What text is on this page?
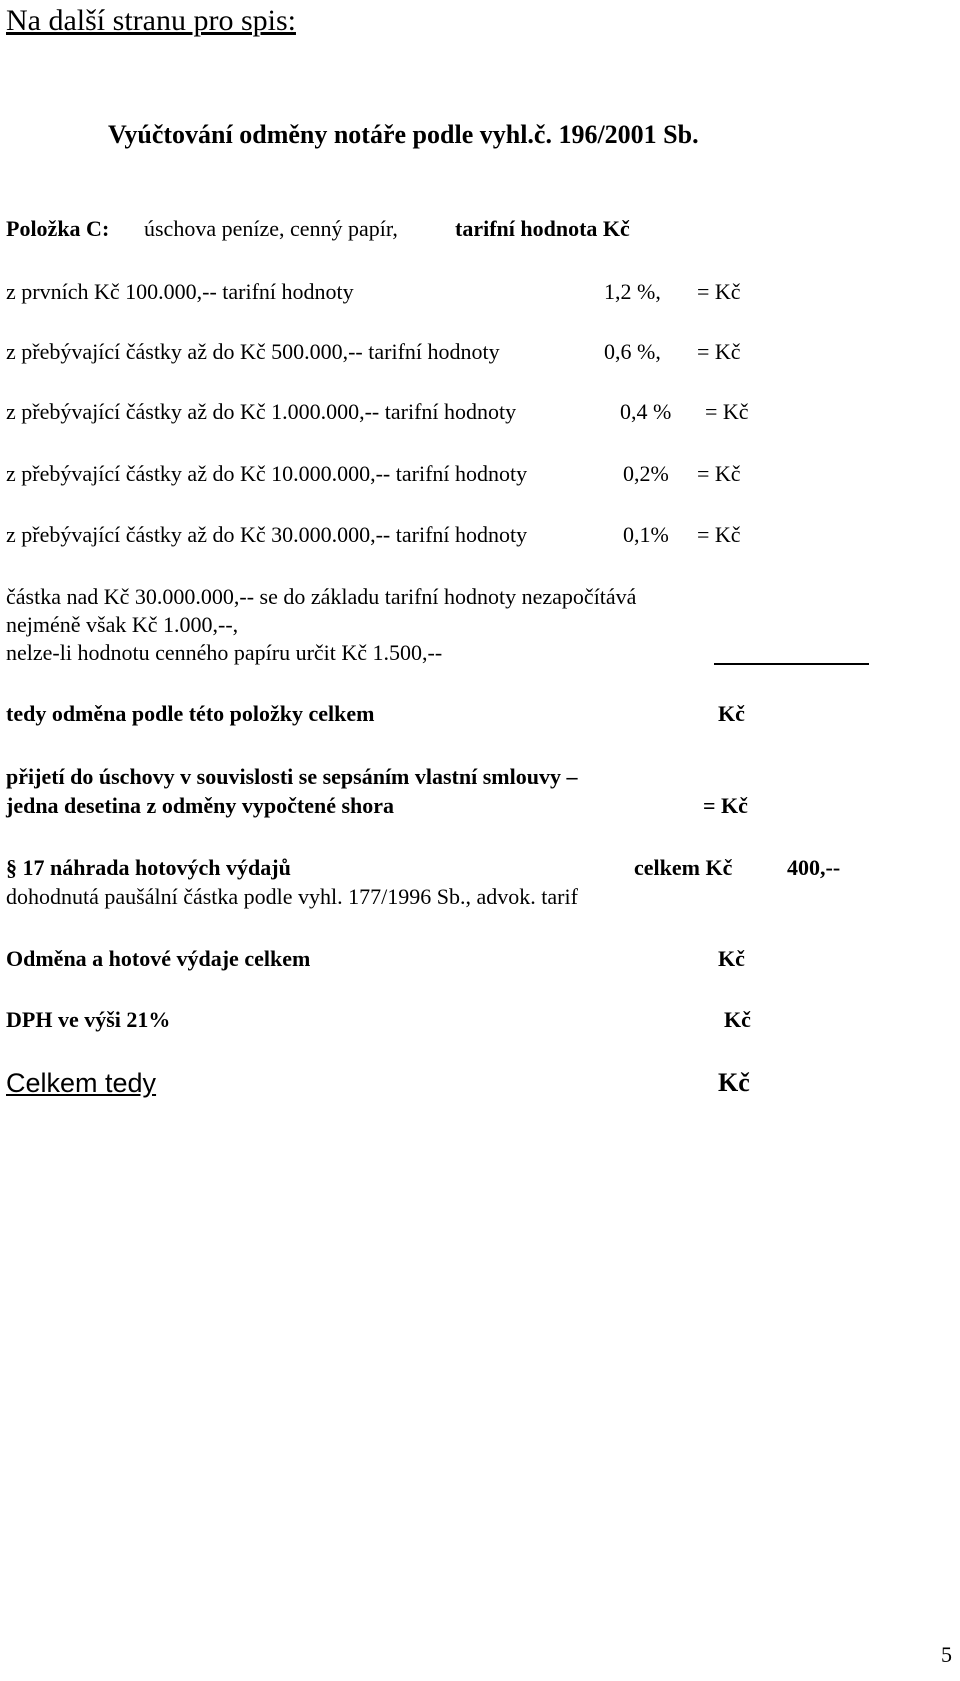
Na další stranu pro spis:
Vyúčtování odměny notáře podle vyhl.č. 196/2001 Sb.
Položka C: úschova peníze, cenný papír,	tarifní hodnota Kč
z prvních Kč 100.000,-- tarifní hodnoty	1,2 %, = Kč
z přebývající částky až do Kč 500.000,-- tarifní hodnoty	0,6 %, = Kč
z přebývající částky až do Kč 1.000.000,-- tarifní hodnoty	0,4 % = Kč
z přebývající částky až do Kč 10.000.000,-- tarifní hodnoty	0,2% = Kč
z přebývající částky až do Kč 30.000.000,-- tarifní hodnoty	0,1% = Kč
částka nad Kč 30.000.000,-- se do základu tarifní hodnoty nezapočítává
nejméně však Kč 1.000,--,
nelze-li hodnotu cenného papíru určit Kč 1.500,--
tedy odměna podle této položky celkem	Kč
přijetí do úschovy v souvislosti se sepsáním vlastní smlouvy –
jedna desetina z odměny vypočtené shora	= Kč
§ 17 náhrada hotových výdajů	celkem Kč 400,--
dohodnutá paušální částka podle vyhl. 177/1996 Sb., advok. tarif
Odměna a hotové výdaje celkem	Kč
DPH ve výši 21%	Kč
Celkem tedy	Kč
5
